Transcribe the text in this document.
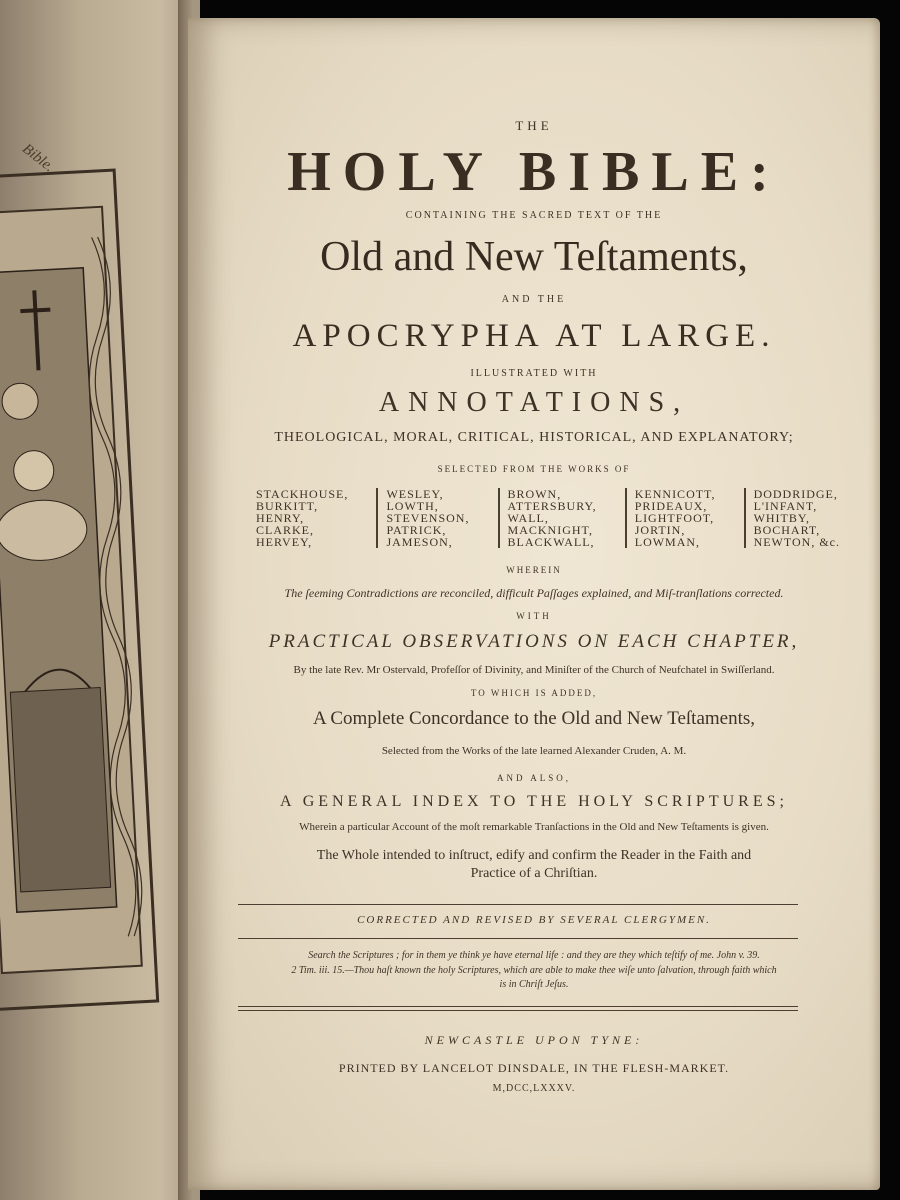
Bible.
THE
HOLY BIBLE:
CONTAINING THE SACRED TEXT OF THE
Old and New Teſtaments,
AND THE
APOCRYPHA AT LARGE.
ILLUSTRATED WITH
ANNOTATIONS,
THEOLOGICAL, MORAL, CRITICAL, HISTORICAL, AND EXPLANATORY;
SELECTED FROM THE WORKS OF
STACKHOUSE,
BURKITT,
HENRY,
CLARKE,
HERVEY,
WESLEY,
LOWTH,
STEVENSON,
PATRICK,
JAMESON,
BROWN,
ATTERSBURY,
WALL,
MACKNIGHT,
BLACKWALL,
KENNICOTT,
PRIDEAUX,
LIGHTFOOT,
JORTIN,
LOWMAN,
DODDRIDGE,
L'INFANT,
WHITBY,
BOCHART,
NEWTON, &c.
WHEREIN
The ſeeming Contradictions are reconciled, difficult Paſſages explained, and Miſ-tranſlations corrected.
WITH
PRACTICAL OBSERVATIONS ON EACH CHAPTER,
By the late Rev. Mr Ostervald, Profeſſor of Divinity, and Miniſter of the Church of Neufchatel in Swiſſerland.
TO WHICH IS ADDED,
A Complete Concordance to the Old and New Teſtaments,
Selected from the Works of the late learned Alexander Cruden, A. M.
AND ALSO,
A GENERAL INDEX TO THE HOLY SCRIPTURES;
Wherein a particular Account of the moſt remarkable Tranſactions in the Old and New Teſtaments is given.
The Whole intended to inſtruct, edify and confirm the Reader in the Faith and
Practice of a Chriſtian.
CORRECTED AND REVISED BY SEVERAL CLERGYMEN.
Search the Scriptures ; for in them ye think ye have eternal life : and they are they which teſtify of me. John v. 39.
2 Tim. iii. 15.—Thou haſt known the holy Scriptures, which are able to make thee wiſe unto ſalvation, through faith which
is in Chriſt Jeſus.
NEWCASTLE UPON TYNE:
PRINTED BY LANCELOT DINSDALE, IN THE FLESH-MARKET.
M,DCC,LXXXV.
